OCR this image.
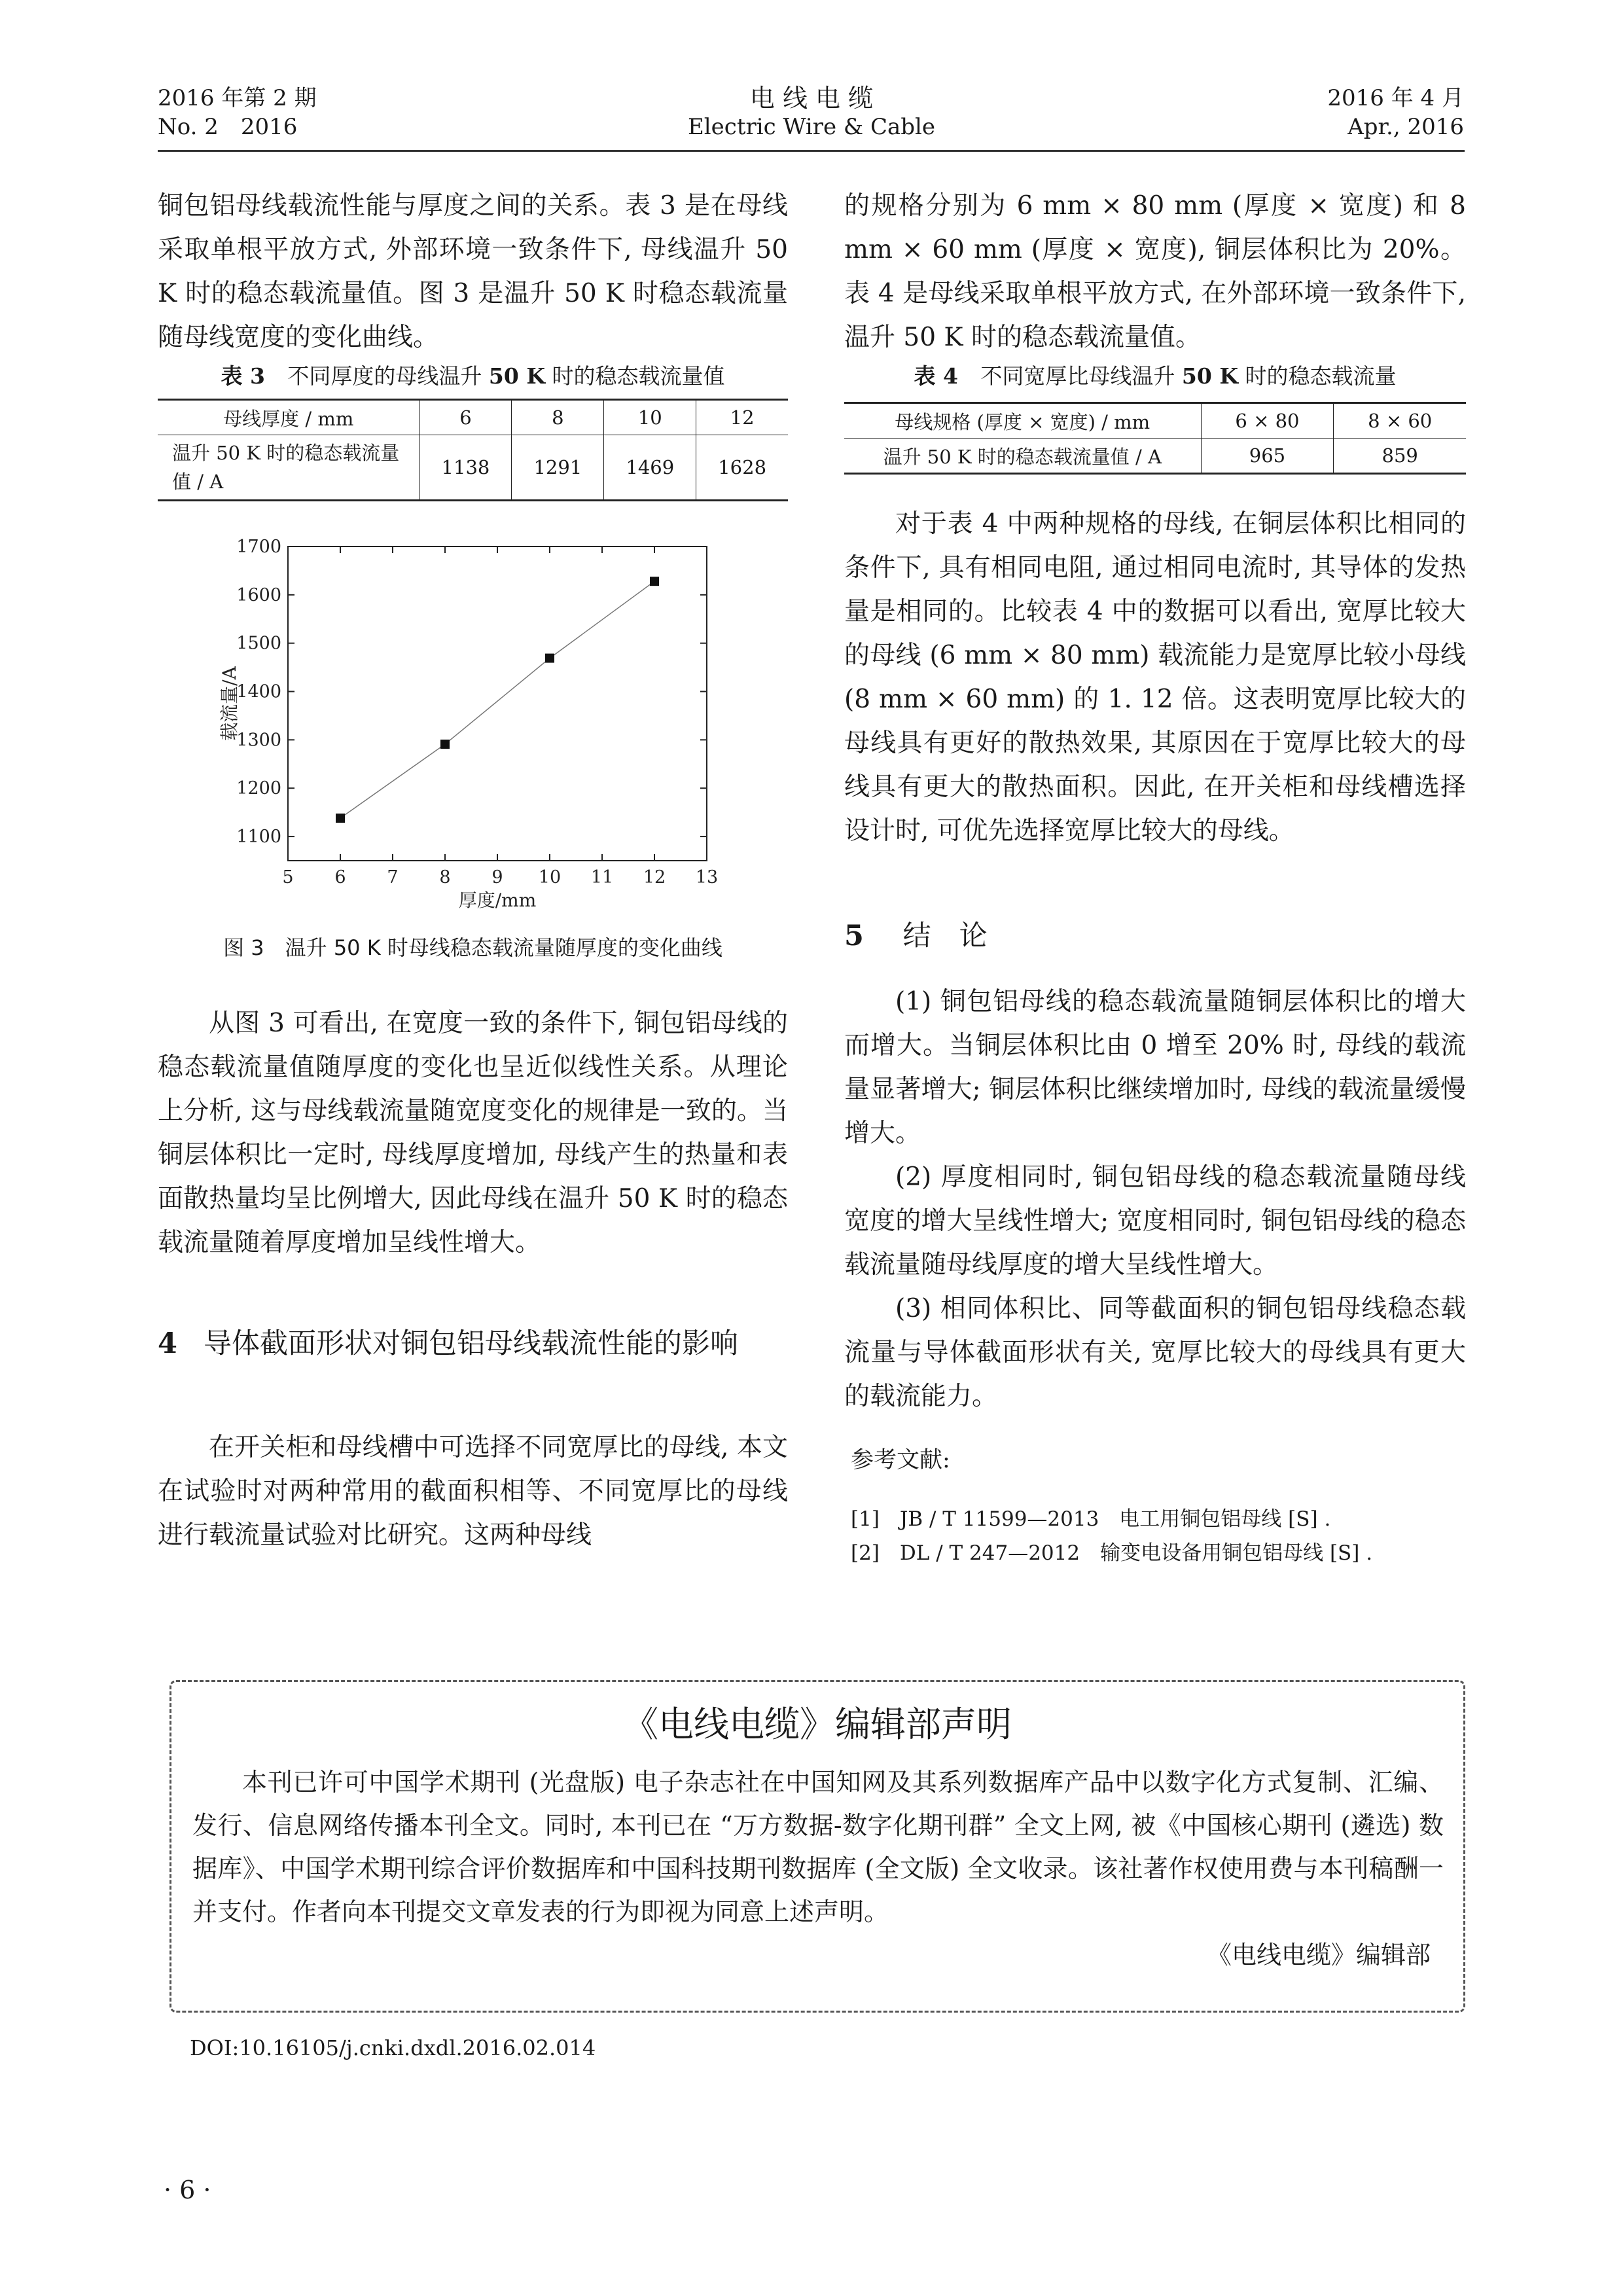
2016 年第 2 期
No. 2　2016
电 线 电 缆
Electric Wire & Cable
2016 年 4 月
Apr., 2016

铜包铝母线载流性能与厚度之间的关系。表 3 是在母线采取单根平放方式, 外部环境一致条件下, 母线温升 50 K 时的稳态载流量值。图 3 是温升 50 K 时稳态载流量随母线宽度的变化曲线。

表 3 不同厚度的母线温升 50 K 时的稳态载流量值
母线厚度 / mm	6	8	10	12
温升 50 K 时的稳态载流量值 / A	1138	1291	1469	1628
5 6 7 8 9 10 11 12 13
1100
1200
1300
1400
1500
1600
1700
厚度/mm
载流量/A
图 3　温升 50 K 时母线稳态载流量随厚度的变化曲线

从图 3 可看出, 在宽度一致的条件下, 铜包铝母线的稳态载流量值随厚度的变化也呈近似线性关系。从理论上分析, 这与母线载流量随宽度变化的规律是一致的。当铜层体积比一定时, 母线厚度增加, 母线产生的热量和表面散热量均呈比例增大, 因此母线在温升 50 K 时的稳态载流量随着厚度增加呈线性增大。

4 导体截面形状对铜包铝母线载流性能的影响

在开关柜和母线槽中可选择不同宽厚比的母线, 本文在试验时对两种常用的截面积相等、不同宽厚比的母线进行载流量试验对比研究。这两种母线

的规格分别为 6 mm × 80 mm (厚度 × 宽度) 和 8 mm × 60 mm (厚度 × 宽度), 铜层体积比为 20%。表 4 是母线采取单根平放方式, 在外部环境一致条件下, 温升 50 K 时的稳态载流量值。

表 4 不同宽厚比母线温升 50 K 时的稳态载流量
母线规格 (厚度 × 宽度) / mm	6 × 80	8 × 60
温升 50 K 时的稳态载流量值 / A	965	859

对于表 4 中两种规格的母线, 在铜层体积比相同的条件下, 具有相同电阻, 通过相同电流时, 其导体的发热量是相同的。比较表 4 中的数据可以看出, 宽厚比较大的母线 (6 mm × 80 mm) 载流能力是宽厚比较小母线 (8 mm × 60 mm) 的 1. 12 倍。这表明宽厚比较大的母线具有更好的散热效果, 其原因在于宽厚比较大的母线具有更大的散热面积。因此, 在开关柜和母线槽选择设计时, 可优先选择宽厚比较大的母线。

5 结　论

(1) 铜包铝母线的稳态载流量随铜层体积比的增大而增大。当铜层体积比由 0 增至 20% 时, 母线的载流量显著增大; 铜层体积比继续增加时, 母线的载流量缓慢增大。

(2) 厚度相同时, 铜包铝母线的稳态载流量随母线宽度的增大呈线性增大; 宽度相同时, 铜包铝母线的稳态载流量随母线厚度的增大呈线性增大。

(3) 相同体积比、同等截面积的铜包铝母线稳态载流量与导体截面形状有关, 宽厚比较大的母线具有更大的载流能力。

参考文献:
[1]　JB / T 11599—2013　电工用铜包铝母线 [S] .
[2]　DL / T 247—2012　输变电设备用铜包铝母线 [S] .
《电线电缆》编辑部声明
本刊已许可中国学术期刊 (光盘版) 电子杂志社在中国知网及其系列数据库产品中以数字化方式复制、汇编、发行、信息网络传播本刊全文。同时, 本刊已在 “万方数据-数字化期刊群” 全文上网, 被《中国核心期刊 (遴选) 数据库》、中国学术期刊综合评价数据库和中国科技期刊数据库 (全文版) 全文收录。该社著作权使用费与本刊稿酬一并支付。作者向本刊提交文章发表的行为即视为同意上述声明。
《电线电缆》编辑部
DOI:10.16105/j.cnki.dxdl.2016.02.014
· 6 ·
